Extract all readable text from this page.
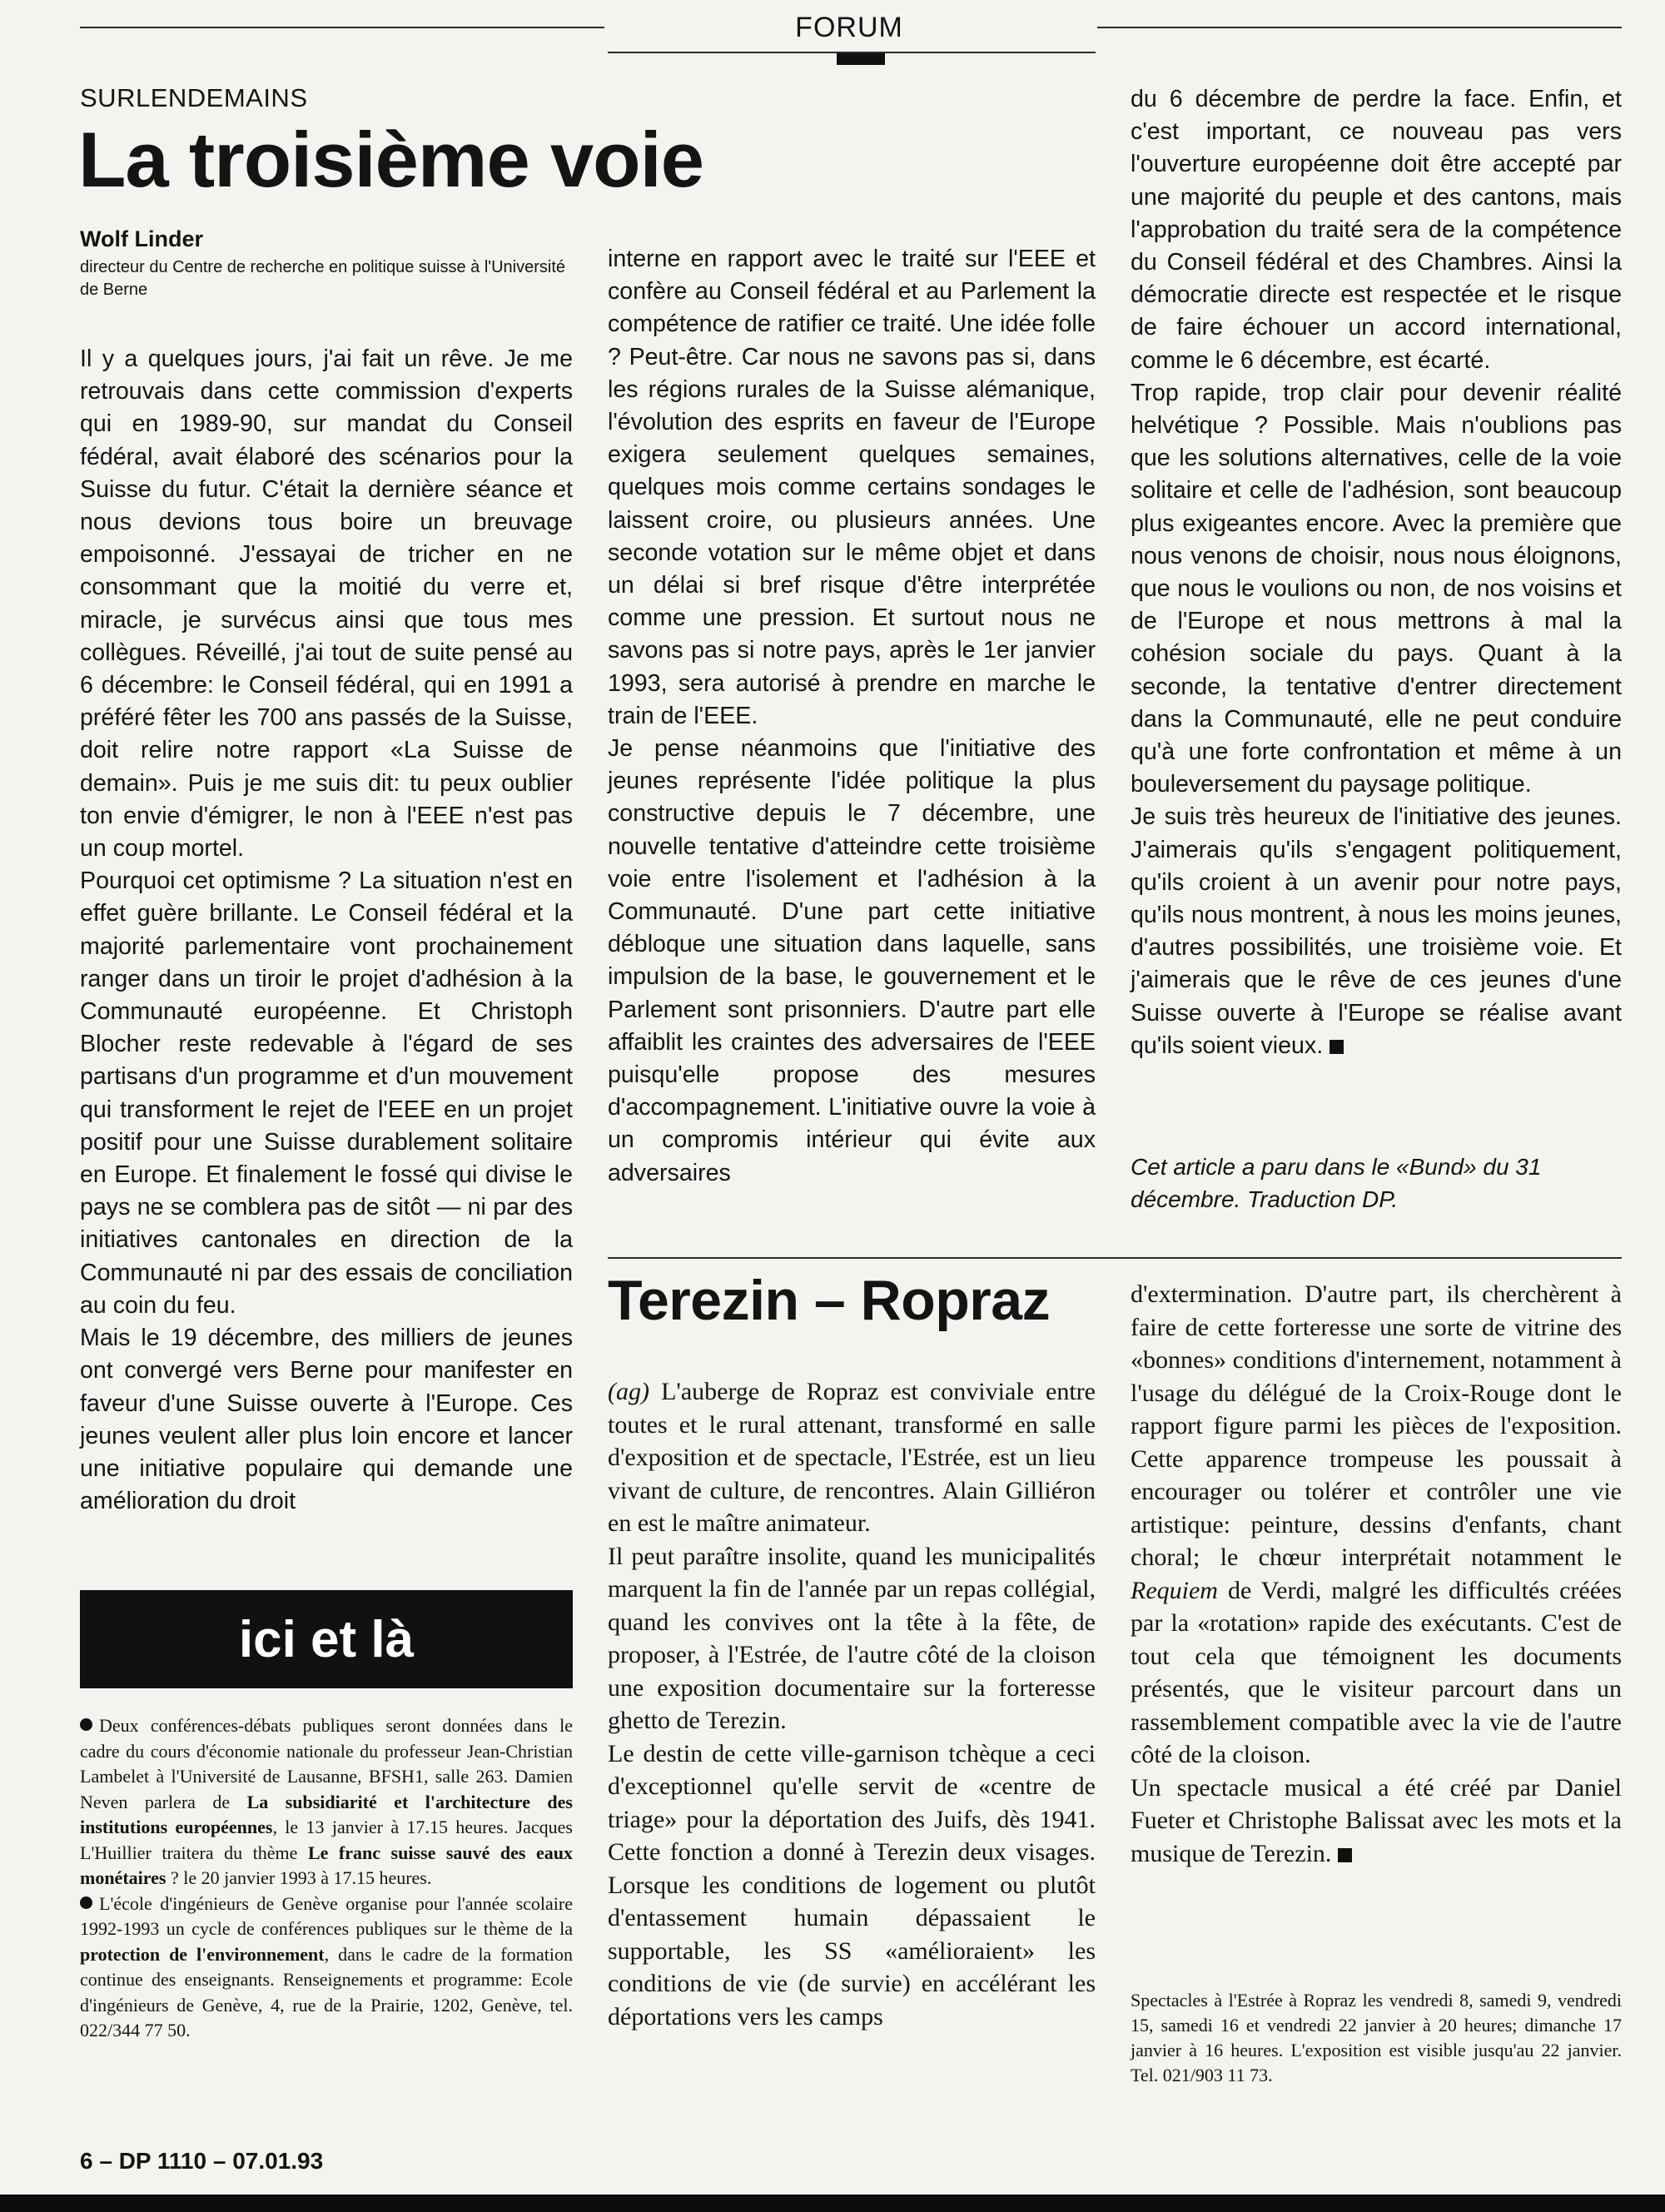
FORUM
SURLENDEMAINS
La troisième voie
Wolf Linder
directeur du Centre de recherche en politique suisse à l'Université de Berne

Il y a quelques jours, j'ai fait un rêve. Je me retrouvais dans cette commission d'experts qui en 1989-90, sur mandat du Conseil fédéral, avait élaboré des scénarios pour la Suisse du futur. C'était la dernière séance et nous devions tous boire un breuvage empoisonné. J'essayai de tricher en ne consommant que la moitié du verre et, miracle, je survécus ainsi que tous mes collègues. Réveillé, j'ai tout de suite pensé au 6 décembre: le Conseil fédéral, qui en 1991 a préféré fêter les 700 ans passés de la Suisse, doit relire notre rapport «La Suisse de demain». Puis je me suis dit: tu peux oublier ton envie d'émigrer, le non à l'EEE n'est pas un coup mortel.

Pourquoi cet optimisme ? La situation n'est en effet guère brillante. Le Conseil fédéral et la majorité parlementaire vont prochainement ranger dans un tiroir le projet d'adhésion à la Communauté européenne. Et Christoph Blocher reste redevable à l'égard de ses partisans d'un programme et d'un mouvement qui transforment le rejet de l'EEE en un projet positif pour une Suisse durablement solitaire en Europe. Et finalement le fossé qui divise le pays ne se comblera pas de sitôt — ni par des initiatives cantonales en direction de la Communauté ni par des essais de conciliation au coin du feu.

Mais le 19 décembre, des milliers de jeunes ont convergé vers Berne pour manifester en faveur d'une Suisse ouverte à l'Europe. Ces jeunes veulent aller plus loin encore et lancer une initiative populaire qui demande une amélioration du droit

interne en rapport avec le traité sur l'EEE et confère au Conseil fédéral et au Parlement la compétence de ratifier ce traité. Une idée folle ? Peut-être. Car nous ne savons pas si, dans les régions rurales de la Suisse alémanique, l'évolution des esprits en faveur de l'Europe exigera seulement quelques semaines, quelques mois comme certains sondages le laissent croire, ou plusieurs années. Une seconde votation sur le même objet et dans un délai si bref risque d'être interprétée comme une pression. Et surtout nous ne savons pas si notre pays, après le 1er janvier 1993, sera autorisé à prendre en marche le train de l'EEE.

Je pense néanmoins que l'initiative des jeunes représente l'idée politique la plus constructive depuis le 7 décembre, une nouvelle tentative d'atteindre cette troisième voie entre l'isolement et l'adhésion à la Communauté. D'une part cette initiative débloque une situation dans laquelle, sans impulsion de la base, le gouvernement et le Parlement sont prisonniers. D'autre part elle affaiblit les craintes des adversaires de l'EEE puisqu'elle propose des mesures d'accompagnement. L'initiative ouvre la voie à un compromis intérieur qui évite aux adversaires

du 6 décembre de perdre la face. Enfin, et c'est important, ce nouveau pas vers l'ouverture européenne doit être accepté par une majorité du peuple et des cantons, mais l'approbation du traité sera de la compétence du Conseil fédéral et des Chambres. Ainsi la démocratie directe est respectée et le risque de faire échouer un accord international, comme le 6 décembre, est écarté.

Trop rapide, trop clair pour devenir réalité helvétique ? Possible. Mais n'oublions pas que les solutions alternatives, celle de la voie solitaire et celle de l'adhésion, sont beaucoup plus exigeantes encore. Avec la première que nous venons de choisir, nous nous éloignons, que nous le voulions ou non, de nos voisins et de l'Europe et nous mettrons à mal la cohésion sociale du pays. Quant à la seconde, la tentative d'entrer directement dans la Communauté, elle ne peut conduire qu'à une forte confrontation et même à un bouleversement du paysage politique.

Je suis très heureux de l'initiative des jeunes. J'aimerais qu'ils s'engagent politiquement, qu'ils croient à un avenir pour notre pays, qu'ils nous montrent, à nous les moins jeunes, d'autres possibilités, une troisième voie. Et j'aimerais que le rêve de ces jeunes d'une Suisse ouverte à l'Europe se réalise avant qu'ils soient vieux.

Cet article a paru dans le «Bund» du 31 décembre. Traduction DP.
ici et là

Deux conférences-débats publiques seront données dans le cadre du cours d'économie nationale du professeur Jean-Christian Lambelet à l'Université de Lausanne, BFSH1, salle 263. Damien Neven parlera de La subsidiarité et l'architecture des institutions européennes, le 13 janvier à 17.15 heures. Jacques L'Huillier traitera du thème Le franc suisse sauvé des eaux monétaires ? le 20 janvier 1993 à 17.15 heures.

L'école d'ingénieurs de Genève organise pour l'année scolaire 1992-1993 un cycle de conférences publiques sur le thème de la protection de l'environnement, dans le cadre de la formation continue des enseignants. Renseignements et programme: Ecole d'ingénieurs de Genève, 4, rue de la Prairie, 1202, Genève, tel. 022/344 77 50.

Terezin – Ropraz

(ag) L'auberge de Ropraz est conviviale entre toutes et le rural attenant, transformé en salle d'exposition et de spectacle, l'Estrée, est un lieu vivant de culture, de rencontres. Alain Gilliéron en est le maître animateur.

Il peut paraître insolite, quand les municipalités marquent la fin de l'année par un repas collégial, quand les convives ont la tête à la fête, de proposer, à l'Estrée, de l'autre côté de la cloison une exposition documentaire sur la forteresse ghetto de Terezin.

Le destin de cette ville-garnison tchèque a ceci d'exceptionnel qu'elle servit de «centre de triage» pour la déportation des Juifs, dès 1941. Cette fonction a donné à Terezin deux visages. Lorsque les conditions de logement ou plutôt d'entassement humain dépassaient le supportable, les SS «amélioraient» les conditions de vie (de survie) en accélérant les déportations vers les camps

d'extermination. D'autre part, ils cherchèrent à faire de cette forteresse une sorte de vitrine des «bonnes» conditions d'internement, notamment à l'usage du délégué de la Croix-Rouge dont le rapport figure parmi les pièces de l'exposition. Cette apparence trompeuse les poussait à encourager ou tolérer et contrôler une vie artistique: peinture, dessins d'enfants, chant choral; le chœur interprétait notamment le Requiem de Verdi, malgré les difficultés créées par la «rotation» rapide des exécutants. C'est de tout cela que témoignent les documents présentés, que le visiteur parcourt dans un rassemblement compatible avec la vie de l'autre côté de la cloison.

Un spectacle musical a été créé par Daniel Fueter et Christophe Balissat avec les mots et la musique de Terezin.

Spectacles à l'Estrée à Ropraz les vendredi 8, samedi 9, vendredi 15, samedi 16 et vendredi 22 janvier à 20 heures; dimanche 17 janvier à 16 heures. L'exposition est visible jusqu'au 22 janvier. Tel. 021/903 11 73.
6 – DP 1110 – 07.01.93
